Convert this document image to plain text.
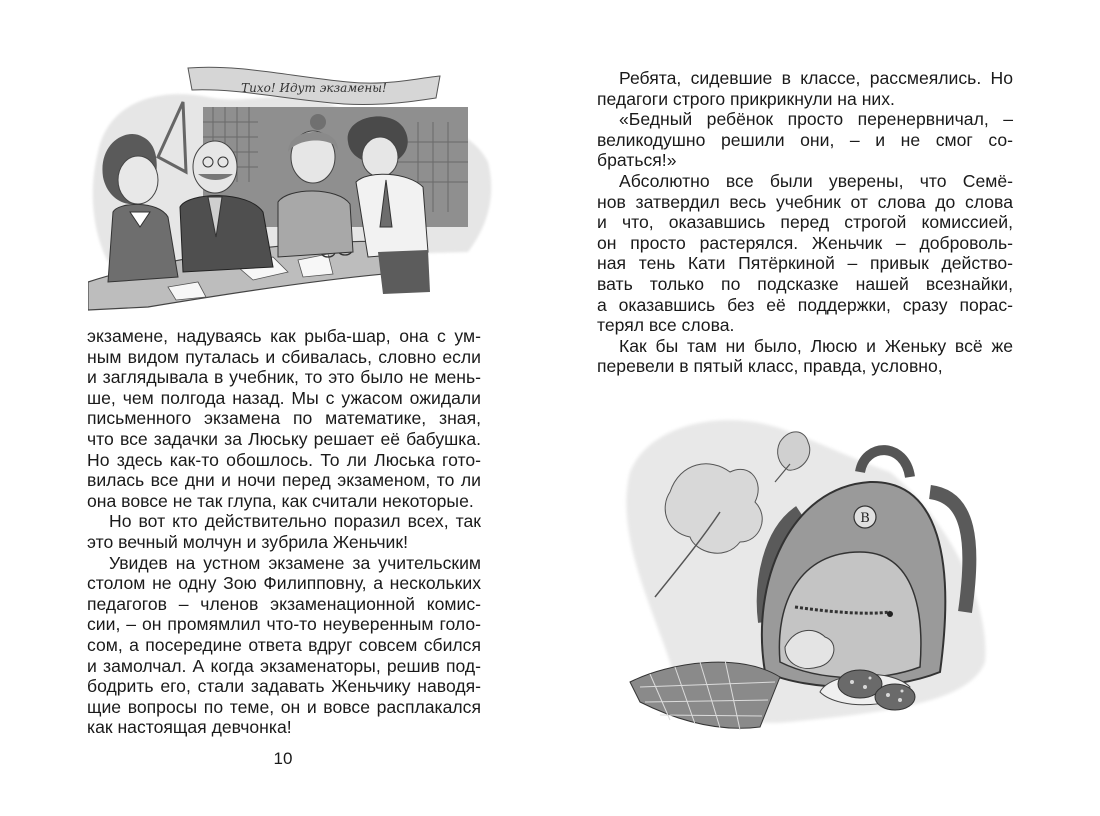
Тихо! Идут экзамены!

экзамене, надуваясь как рыба-шар, она с ум-
ным видом путалась и сбивалась, словно если
и заглядывала в учебник, то это было не мень-
ше, чем полгода назад. Мы с ужасом ожидали
письменного экзамена по математике, зная,
что все задачки за Люську решает её бабушка.
Но здесь как-то обошлось. То ли Люська гото-
вилась все дни и ночи перед экзаменом, то ли
она вовсе не так глупа, как считали некоторые.

Но вот кто действительно поразил всех, так
это вечный молчун и зубрила Женьчик!

Увидев на устном экзамене за учительским
столом не одну Зою Филипповну, а нескольких
педагогов – членов экзаменационной комис-
сии, – он промямлил что-то неуверенным голо-
сом, а посередине ответа вдруг совсем сбился
и замолчал. А когда экзаменаторы, решив под-
бодрить его, стали задавать Женьчику наводя-
щие вопросы по теме, он и вовсе расплакался
как настоящая девчонка!

10

Ребята, сидевшие в классе, рассмеялись. Но
педагоги строго прикрикнули на них.

«Бедный ребёнок просто перенервничал, –
великодушно решили они, – и не смог со-
браться!»

Абсолютно все были уверены, что Семё-
нов затвердил весь учебник от слова до слова
и что, оказавшись перед строгой комиссией,
он просто растерялся. Женьчик – доброволь-
ная тень Кати Пятёркиной – привык действо-
вать только по подсказке нашей всезнайки,
а оказавшись без её поддержки, сразу порас-
терял все слова.

Как бы там ни было, Люсю и Женьку всё же
перевели в пятый класс, правда, условно,

В
